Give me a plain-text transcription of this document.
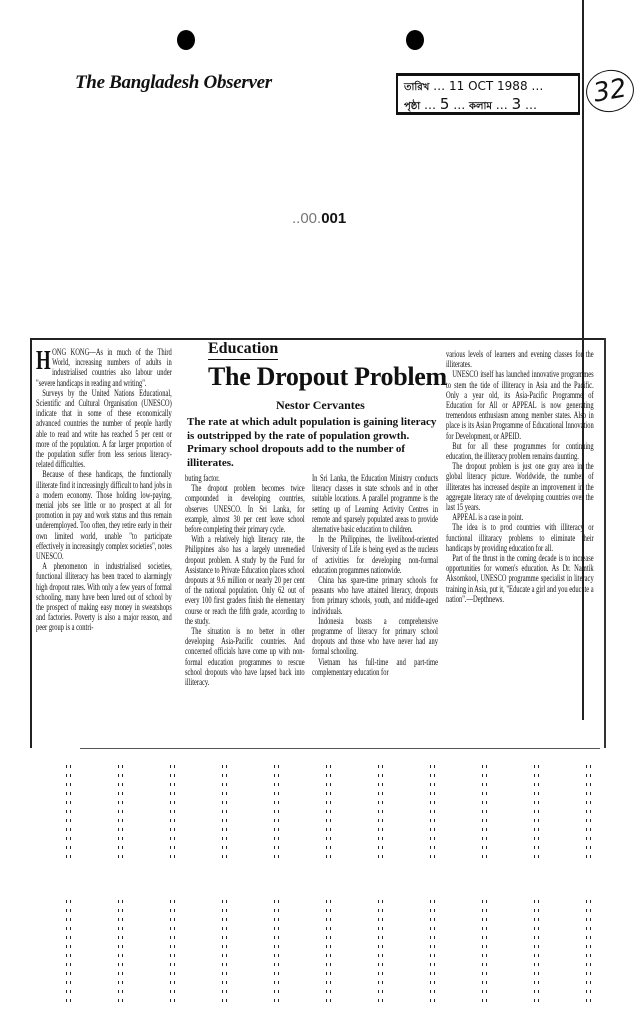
The Bangladesh Observer	তারিখ … 11 OCT 1988 …
পৃষ্ঠা … 5 … কলাম … 3 …	32
..00.001
Education
The Dropout Problem
Nestor Cervantes
The rate at which adult population is gaining literacy is outstripped by the rate of population growth. Primary school dropouts add to the number of illiterates.

HONG KONG—As in much of the Third World, increasing numbers of adults in industrialised countries also labour under "severe handicaps in reading and writing".

Surveys by the United Nations Educational, Scientific and Cultural Organisation (UNESCO) indicate that in some of these economically advanced countries the number of people hardly able to read and write has reached 5 per cent or more of the population. A far larger proportion of the population suffer from less serious literacy-related difficulties.

Because of these handicaps, the functionally illiterate find it increasingly difficult to hand jobs in a modern economy. Those holding low-paying, menial jobs see little or no prospect at all for promotion in pay and work status and thus remain underemployed. Too often, they retire early in their own limited world, unable "to participate effectively in increasingly complex societies", notes UNESCO.

A phenomenon in industrialised societies, functional illiteracy has been traced to alarmingly high dropout rates. With only a few years of formal schooling, many have been lured out of school by the prospect of making easy money in sweatshops and factories. Poverty is also a major reason, and peer group is a contri-

buting factor.

The dropout problem becomes twice compounded in developing countries, observes UNESCO. In Sri Lanka, for example, almost 30 per cent leave school before completing their primary cycle.

With a relatively high literacy rate, the Philippines also has a largely unremedied dropout problem. A study by the Fund for Assistance to Private Education places school dropouts at 9.6 million or nearly 20 per cent of the national population. Only 62 out of every 100 first graders finish the elementary course or reach the fifth grade, according to the study.

The situation is no better in other developing Asia-Pacific countries. And concerned officials have come up with non-formal education programmes to rescue school dropouts who have lapsed back into illiteracy.

In Sri Lanka, the Education Ministry conducts literacy classes in state schools and in other suitable locations. A parallel programme is the setting up of Learning Activity Centres in remote and sparsely populated areas to provide alternative basic education to children.

In the Philippines, the livelihood-oriented University of Life is being eyed as the nucleus of activities for developing non-formal education progammes nationwide.

China has spare-time primary schools for peasants who have attained literacy, dropouts from primary schools, youth, and middle-aged individuals.

Indonesia boasts a comprehensive programme of literacy for primary school dropouts and those who have never had any formal schooling.

Vietnam has full-time and part-time complementary education for

various levels of learners and evening classes for the illiterates.

UNESCO itself has launched innovative programmes to stem the tide of illiteracy in Asia and the Pacific. Only a year old, its Asia-Pacific Programme of Education for All or APPEAL is now generating tremendous enthusiasm among member states. Also in place is its Asian Programme of Educational Innovation for Development, or APEID.

But for all these programmes for continuing education, the illiteracy problem remains daunting.

The dropout problem is just one gray area in the global literacy picture. Worldwide, the number of illiterates has increased despite an improvement in the aggregate literacy rate of developing countries over the last 15 years.

APPEAL is a case in point.

The idea is to prod countries with illiteracy or functional illitaracy problems to eliminate their handicaps by providing education for all.

Part of the thrust in the coming decade is to increase opportunities for women's education. As Dr. Namtik Aksornkool, UNESCO programme specialist in literacy training in Asia, put it, "Educate a girl and you educate a nation".—Depthnews.
